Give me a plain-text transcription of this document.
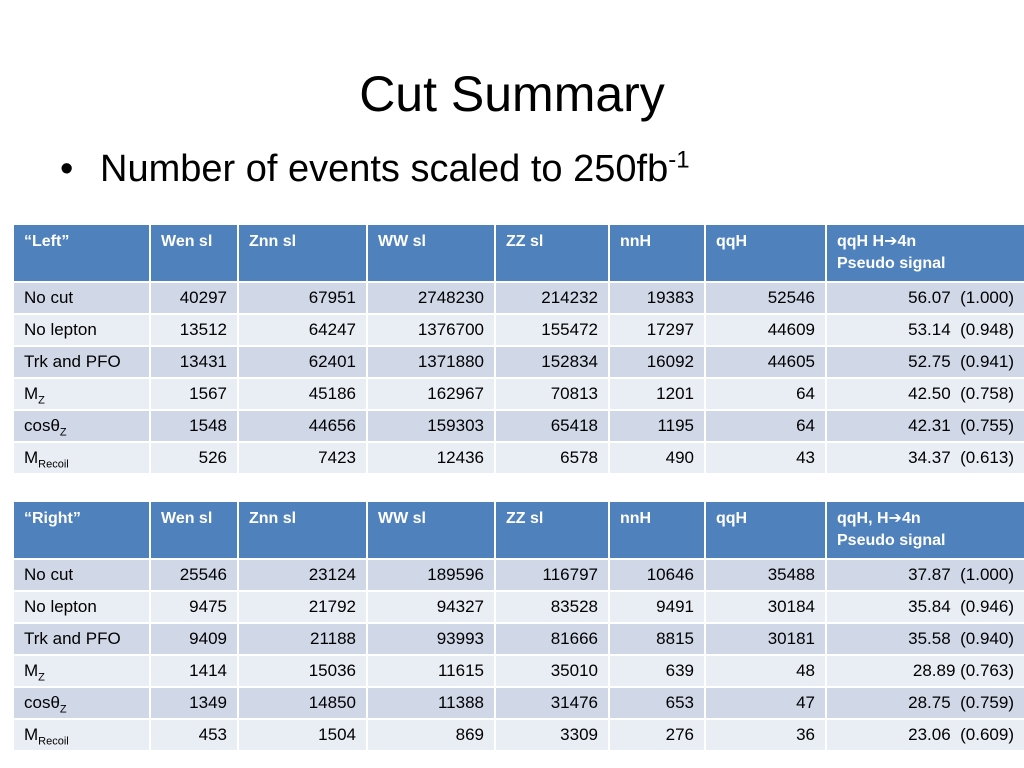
Cut Summary
• Number of events scaled to $250fb^{-1}$
“Left”	Wen sl	Znn sl	WW sl	ZZ sl	nnH	qqH	qqH H➔4n
Pseudo signal
No cut	40297	67951	2748230	214232	19383	52546	56.07  (1.000)
No lepton	13512	64247	1376700	155472	17297	44609	53.14  (0.948)
Trk and PFO	13431	62401	1371880	152834	16092	44605	52.75  (0.941)
$M_Z$	1567	45186	162967	70813	1201	64	42.50  (0.758)
cosθ$_Z$	1548	44656	159303	65418	1195	64	42.31  (0.755)
$M_{Recoil}$	526	7423	12436	6578	490	43	34.37  (0.613)
“Right”	Wen sl	Znn sl	WW sl	ZZ sl	nnH	qqH	qqH, H➔4n
Pseudo signal
No cut	25546	23124	189596	116797	10646	35488	37.87  (1.000)
No lepton	9475	21792	94327	83528	9491	30184	35.84  (0.946)
Trk and PFO	9409	21188	93993	81666	8815	30181	35.58  (0.940)
$M_Z$	1414	15036	11615	35010	639	48	28.89 (0.763)
cosθ$_Z$	1349	14850	11388	31476	653	47	28.75  (0.759)
$M_{Recoil}$	453	1504	869	3309	276	36	23.06  (0.609)
